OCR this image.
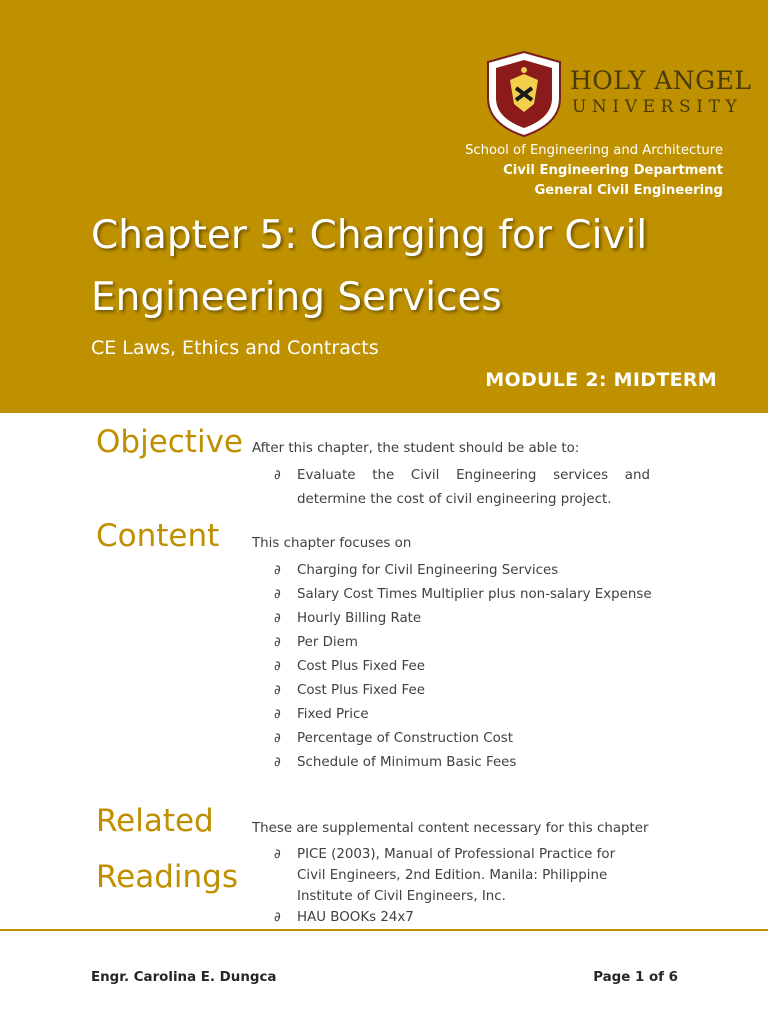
HOLY ANGEL
UNIVERSITY
School of Engineering and Architecture
Civil Engineering Department
General Civil Engineering
Chapter 5: Charging for Civil Engineering Services
CE Laws, Ethics and Contracts
MODULE 2: MIDTERM
Objective After this chapter, the student should be able to:

∂ Evaluate the Civil Engineering services and determine the cost of civil engineering project.
Content This chapter focuses on

∂ Charging for Civil Engineering Services
∂ Salary Cost Times Multiplier plus non-salary Expense
∂ Hourly Billing Rate
∂ Per Diem
∂ Cost Plus Fixed Fee
∂ Cost Plus Fixed Fee
∂ Fixed Price
∂ Percentage of Construction Cost
∂ Schedule of Minimum Basic Fees
Related
Readings

These are supplemental content necessary for this chapter

∂ PICE (2003), Manual of Professional Practice for Civil Engineers, 2nd Edition. Manila: Philippine Institute of Civil Engineers, Inc.
∂ HAU BOOKs 24x7
Engr. Carolina E. Dungca	Page 1 of 6
